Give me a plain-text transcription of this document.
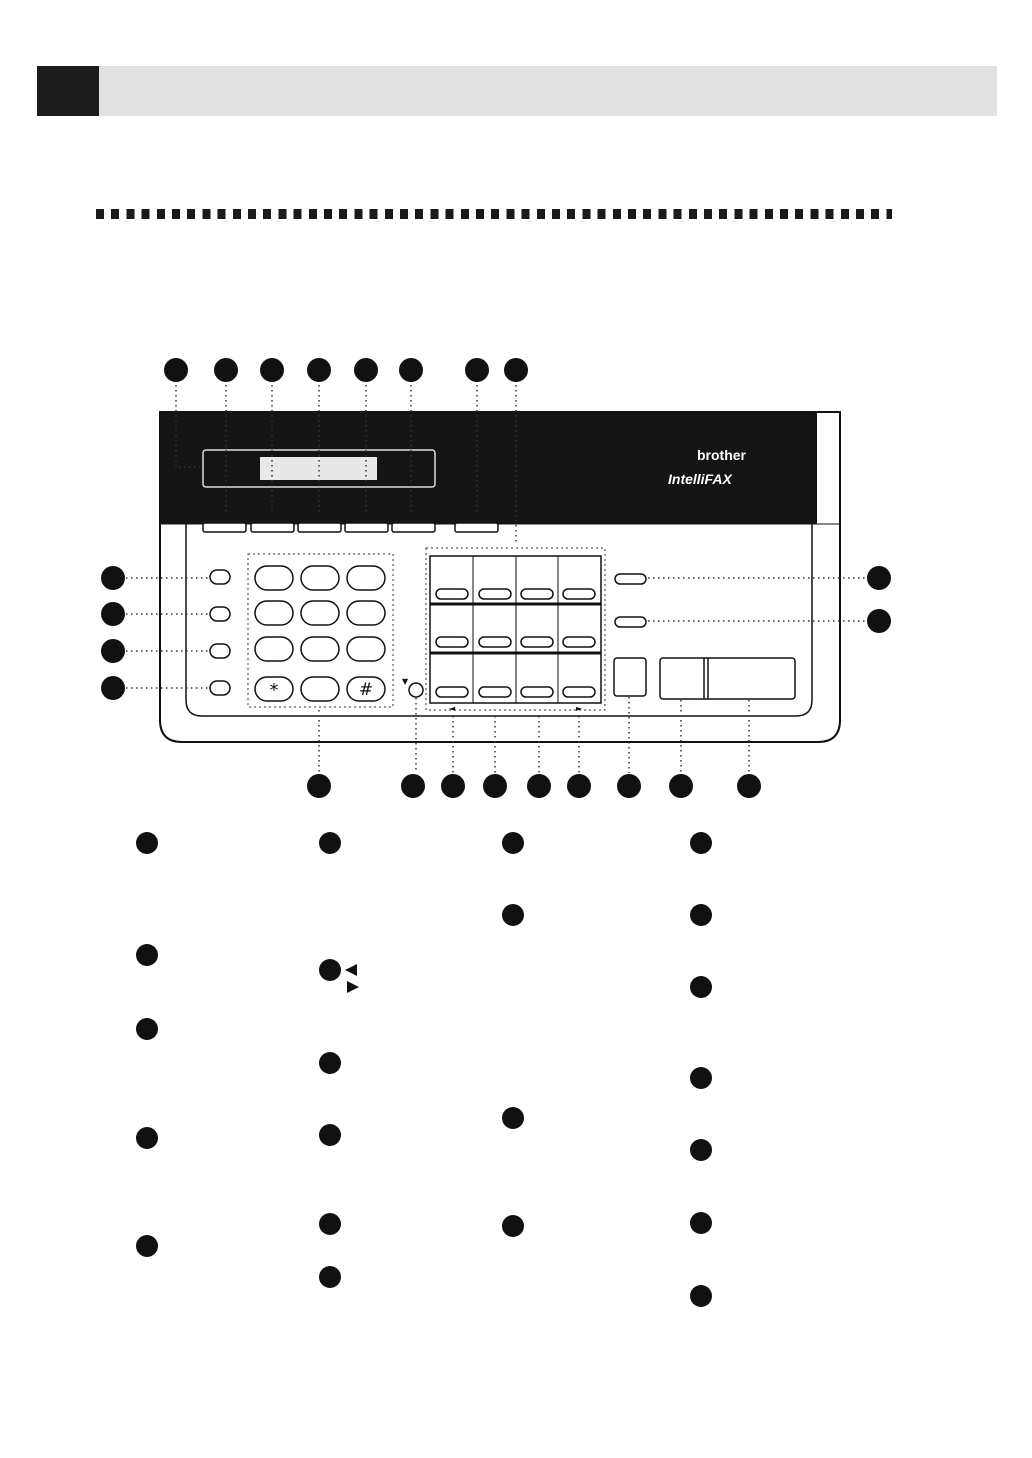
brother
IntelliFAX
*	#	▼
◄	►
